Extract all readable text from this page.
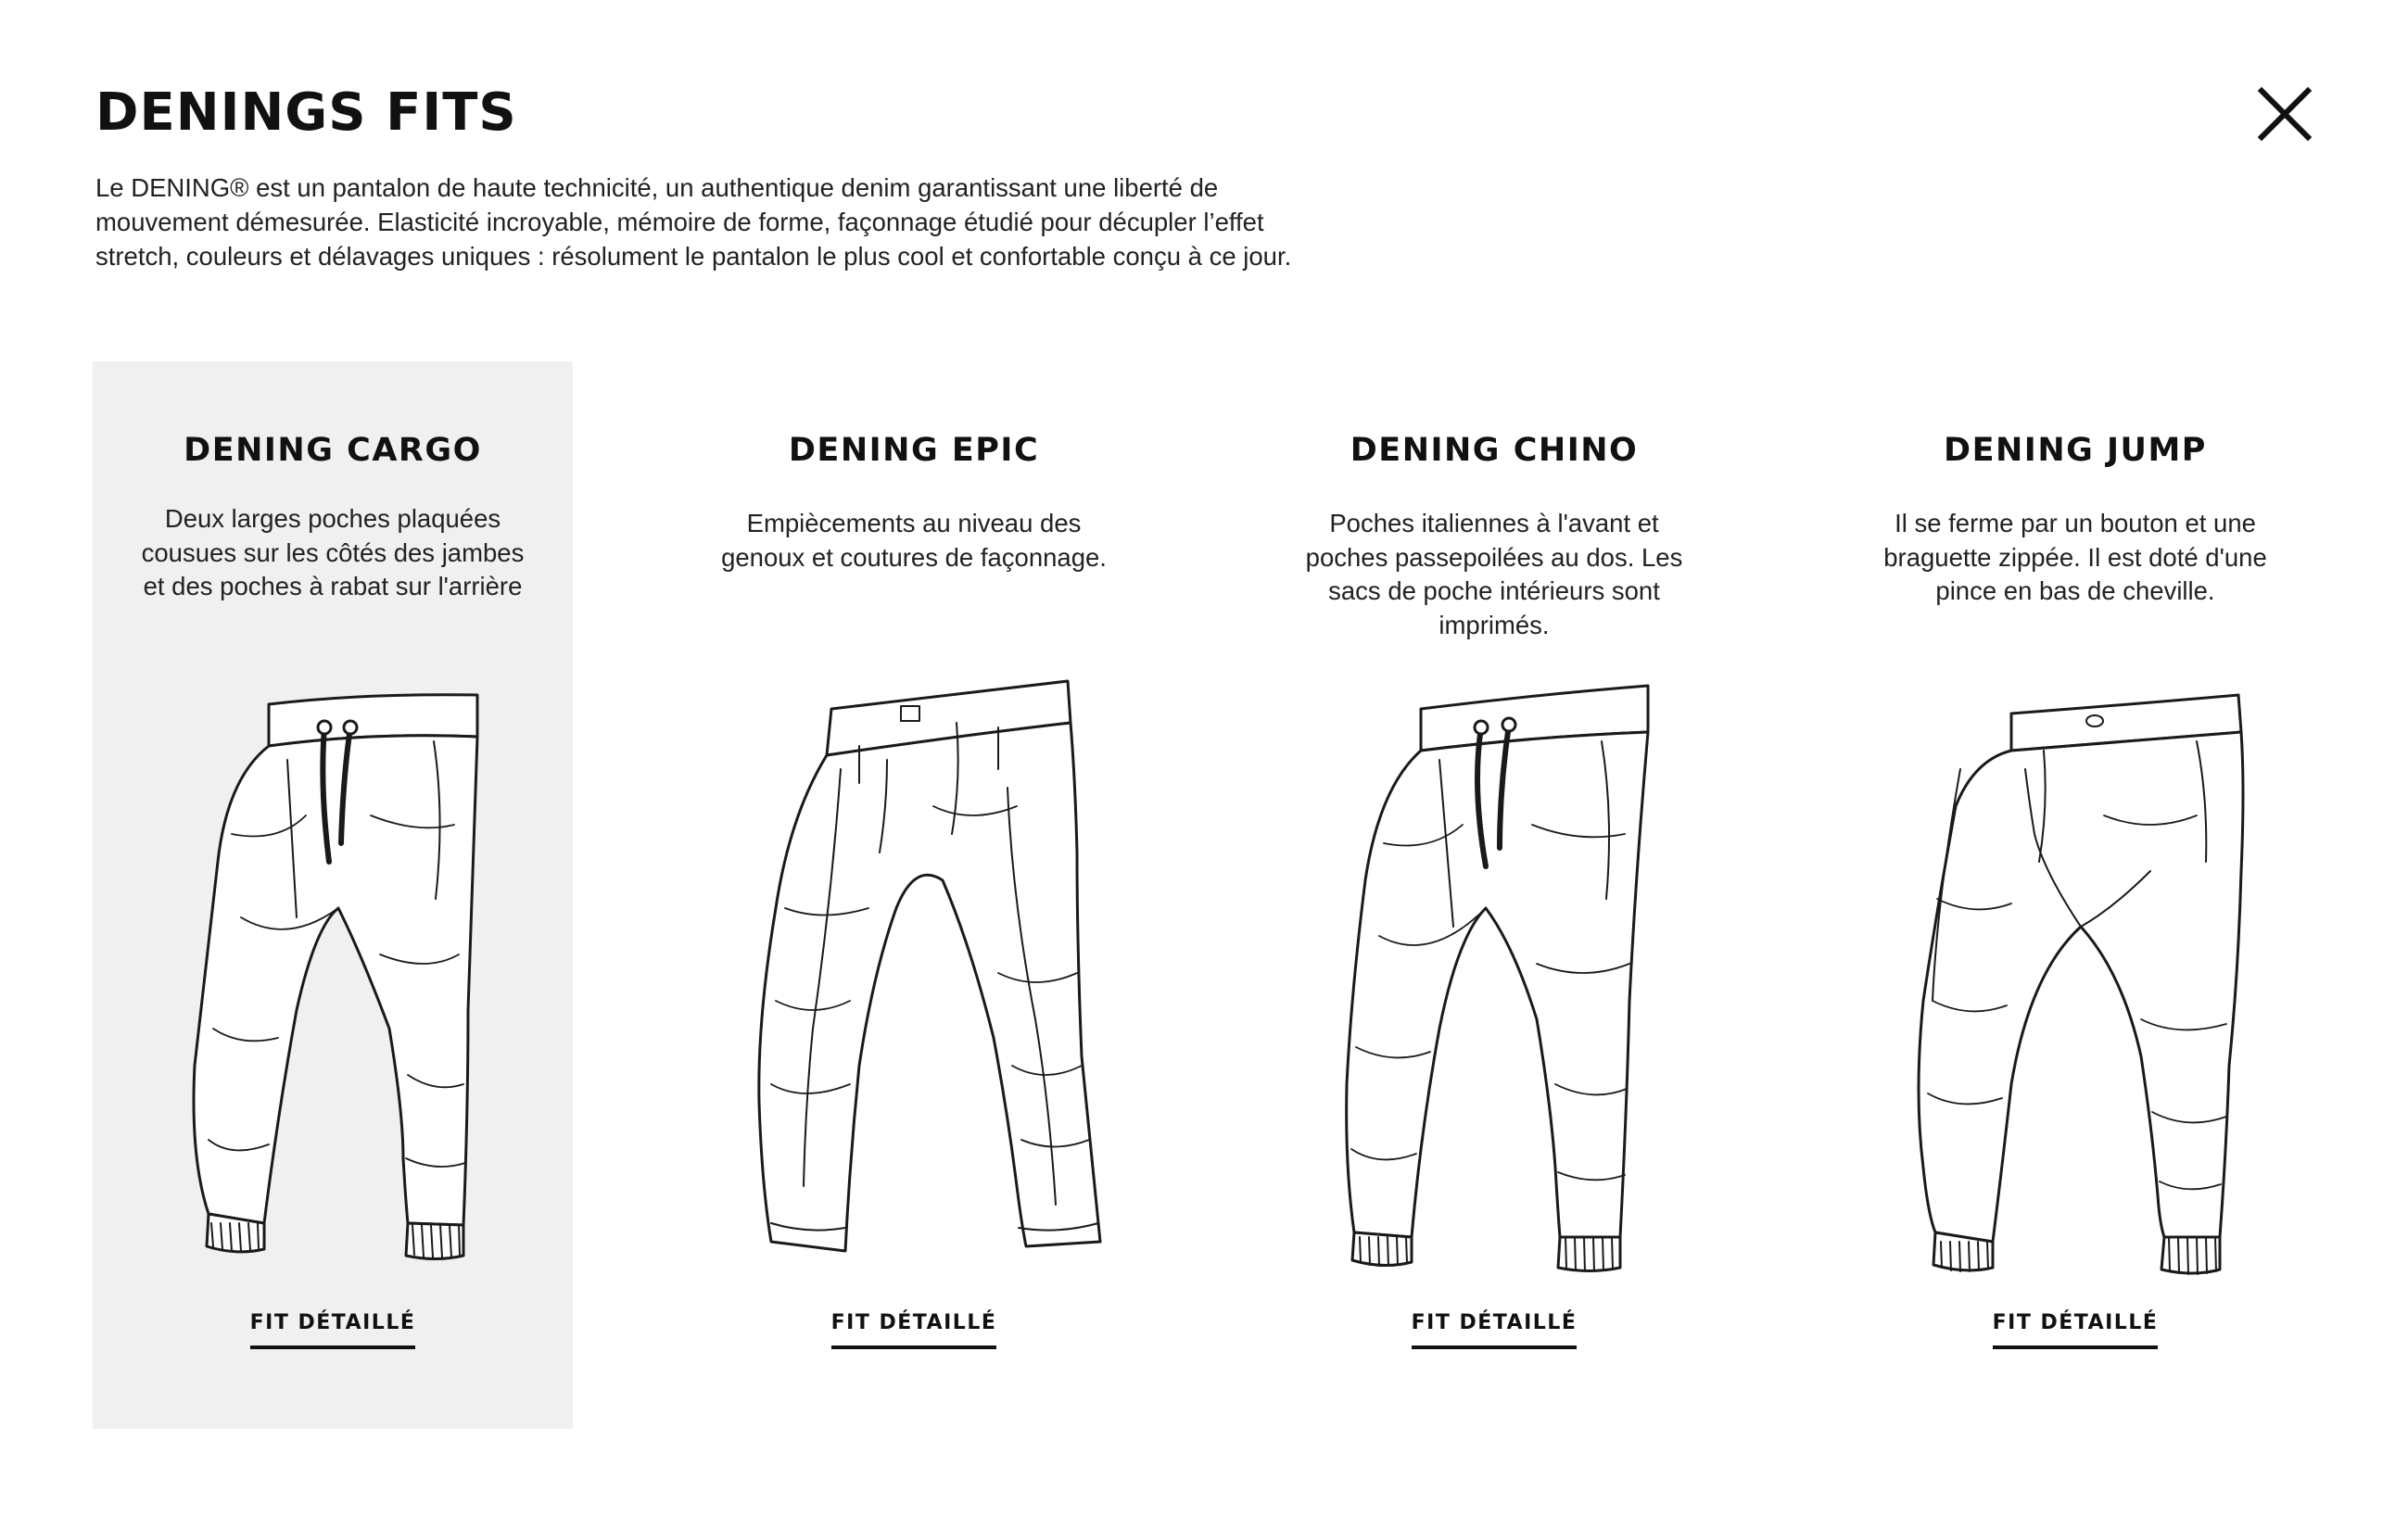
DENINGS FITS

Le DENING® est un pantalon de haute technicité, un authentique denim garantissant une liberté de
mouvement démesurée. Elasticité incroyable, mémoire de forme, façonnage étudié pour décupler l’effet
stretch, couleurs et délavages uniques : résolument le pantalon le plus cool et confortable conçu à ce jour.

DENING CARGO

Deux larges poches plaquées
cousues sur les côtés des jambes
et des poches à rabat sur l'arrière

FIT DÉTAILLÉ
DENING EPIC

Empiècements au niveau des
genoux et coutures de façonnage.

FIT DÉTAILLÉ
DENING CHINO

Poches italiennes à l'avant et
poches passepoilées au dos. Les
sacs de poche intérieurs sont
imprimés.

FIT DÉTAILLÉ
DENING JUMP

Il se ferme par un bouton et une
braguette zippée. Il est doté d'une
pince en bas de cheville.

FIT DÉTAILLÉ
